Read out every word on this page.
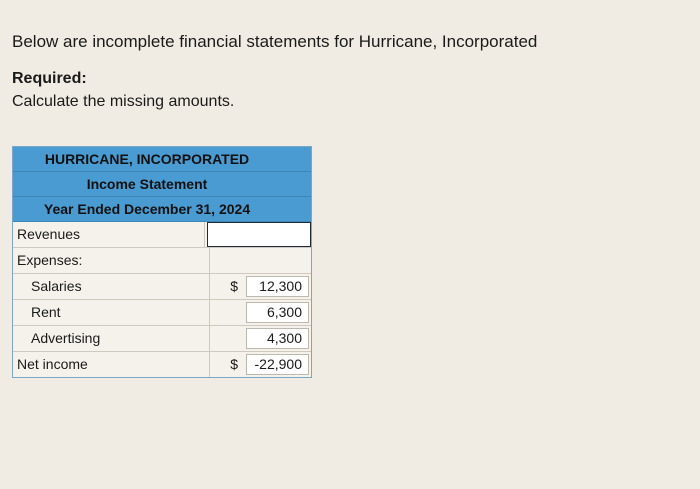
Below are incomplete financial statements for Hurricane, Incorporated
Required:
Calculate the missing amounts.
HURRICANE, INCORPORATED
Income Statement
Year Ended December 31, 2024
Revenues
Expenses:
Salaries	$	12,300
Rent	6,300
Advertising	4,300
Net income	$	-22,900
